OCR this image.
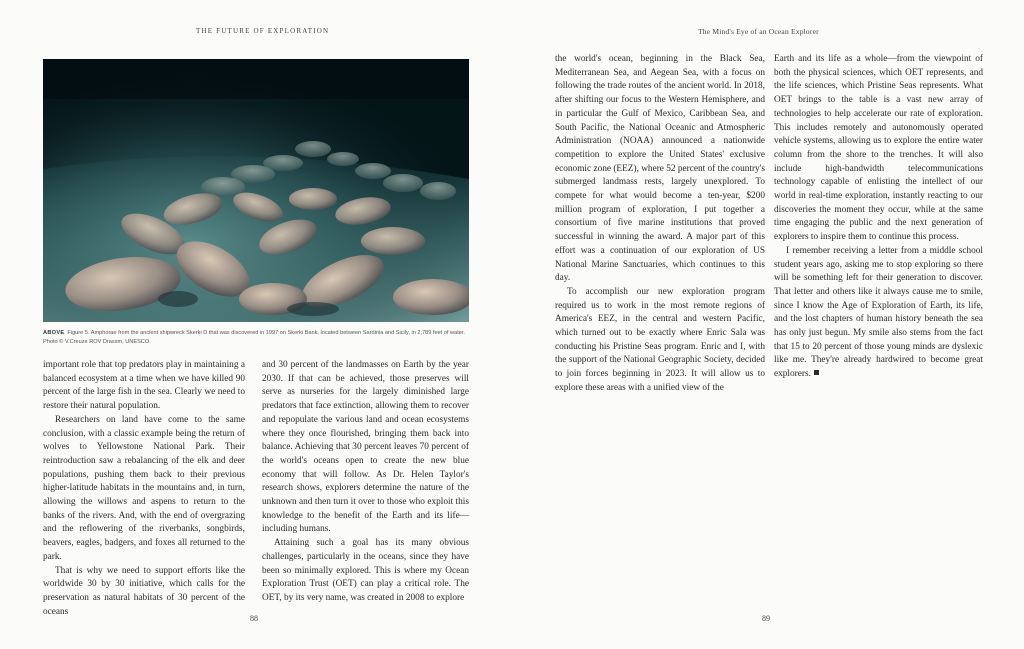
THE FUTURE OF EXPLORATION
ABOVE Figure 5. Amphorae from the ancient shipwreck Skerki D that was discovered in 1997 on Skerki Bank, located between Sardinia and Sicily, in 2,789 feet of water. Photo © V.Creuze ROV Drassm, UNESCO.

important role that top predators play in maintaining a balanced ecosystem at a time when we have killed 90 percent of the large fish in the sea. Clearly we need to restore their natural population.

Researchers on land have come to the same conclusion, with a classic example being the return of wolves to Yellowstone National Park. Their reintroduction saw a rebalancing of the elk and deer populations, pushing them back to their previous higher-latitude habitats in the mountains and, in turn, allowing the willows and aspens to return to the banks of the rivers. And, with the end of overgrazing and the reflowering of the riverbanks, songbirds, beavers, eagles, badgers, and foxes all returned to the park.

That is why we need to support efforts like the worldwide 30 by 30 initiative, which calls for the preservation as natural habitats of 30 percent of the oceans

and 30 percent of the landmasses on Earth by the year 2030. If that can be achieved, those preserves will serve as nurseries for the largely diminished large predators that face extinction, allowing them to recover and repopulate the various land and ocean ecosystems where they once flourished, bringing them back into balance. Achieving that 30 percent leaves 70 percent of the world's oceans open to create the new blue economy that will follow. As Dr. Helen Taylor's research shows, explorers determine the nature of the unknown and then turn it over to those who exploit this knowledge to the benefit of the Earth and its life—including humans.

Attaining such a goal has its many obvious challenges, particularly in the oceans, since they have been so minimally explored. This is where my Ocean Exploration Trust (OET) can play a critical role. The OET, by its very name, was created in 2008 to explore

88
The Mind's Eye of an Ocean Explorer

the world's ocean, beginning in the Black Sea, Mediterranean Sea, and Aegean Sea, with a focus on following the trade routes of the ancient world. In 2018, after shifting our focus to the Western Hemisphere, and in particular the Gulf of Mexico, Caribbean Sea, and South Pacific, the National Oceanic and Atmospheric Administration (NOAA) announced a nationwide competition to explore the United States' exclusive economic zone (EEZ), where 52 percent of the country's submerged landmass rests, largely unexplored. To compete for what would become a ten-year, $200 million program of exploration, I put together a consortium of five marine institutions that proved successful in winning the award. A major part of this effort was a continuation of our exploration of US National Marine Sanctuaries, which continues to this day.

To accomplish our new exploration program required us to work in the most remote regions of America's EEZ, in the central and western Pacific, which turned out to be exactly where Enric Sala was conducting his Pristine Seas program. Enric and I, with the support of the National Geographic Society, decided to join forces beginning in 2023. It will allow us to explore these areas with a unified view of the

Earth and its life as a whole—from the viewpoint of both the physical sciences, which OET represents, and the life sciences, which Pristine Seas represents. What OET brings to the table is a vast new array of technologies to help accelerate our rate of exploration. This includes remotely and autonomously operated vehicle systems, allowing us to explore the entire water column from the shore to the trenches. It will also include high-bandwidth telecommunications technology capable of enlisting the intellect of our world in real-time exploration, instantly reacting to our discoveries the moment they occur, while at the same time engaging the public and the next generation of explorers to inspire them to continue this process.

I remember receiving a letter from a middle school student years ago, asking me to stop exploring so there will be something left for their generation to discover. That letter and others like it always cause me to smile, since I know the Age of Exploration of Earth, its life, and the lost chapters of human history beneath the sea has only just begun. My smile also stems from the fact that 15 to 20 percent of those young minds are dyslexic like me. They're already hardwired to become great explorers.

89
